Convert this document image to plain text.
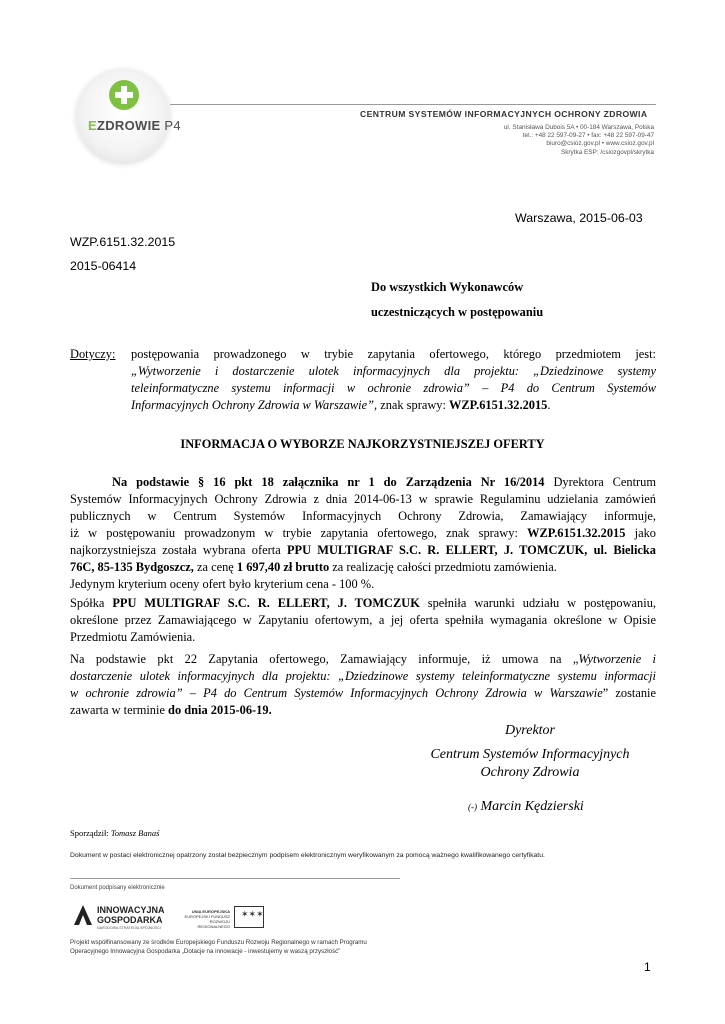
EZDROWIE P4
CENTRUM SYSTEMÓW INFORMACYJNYCH OCHRONY ZDROWIA
ul. Stanisława Dubois 5A • 00-184 Warszawa, Polska
tel.: +48 22 597-09-27 • fax: +48 22 597-09-47
biuro@csioz.gov.pl • www.csioz.gov.pl
Skrytka ESP: /csiozgovpl/skrytka
Warszawa, 2015-06-03
WZP.6151.32.2015
2015-06414
Do wszystkich Wykonawców
uczestniczących w postępowaniu
Dotyczy: postępowania prowadzonego w trybie zapytania ofertowego, którego przedmiotem jest:
„Wytworzenie i dostarczenie ulotek informacyjnych dla projektu: „Dziedzinowe systemy
teleinformatyczne systemu informacji w ochronie zdrowia” – P4 do Centrum Systemów
Informacyjnych Ochrony Zdrowia w Warszawie”, znak sprawy: WZP.6151.32.2015.
INFORMACJA O WYBORZE NAJKORZYSTNIEJSZEJ OFERTY
Na podstawie § 16 pkt 18 załącznika nr 1 do Zarządzenia Nr 16/2014 Dyrektora Centrum
Systemów Informacyjnych Ochrony Zdrowia z dnia 2014-06-13 w sprawie Regulaminu udzielania zamówień
publicznych w Centrum Systemów Informacyjnych Ochrony Zdrowia, Zamawiający informuje,
iż w postępowaniu prowadzonym w trybie zapytania ofertowego, znak sprawy: WZP.6151.32.2015 jako
najkorzystniejsza została wybrana oferta PPU MULTIGRAF S.C. R. ELLERT, J. TOMCZUK, ul. Bielicka
76C, 85-135 Bydgoszcz, za cenę 1 697,40 zł brutto za realizację całości przedmiotu zamówienia.
Jedynym kryterium oceny ofert było kryterium cena - 100 %.
Spółka PPU MULTIGRAF S.C. R. ELLERT, J. TOMCZUK spełniła warunki udziału w postępowaniu,
określone przez Zamawiającego w Zapytaniu ofertowym, a jej oferta spełniła wymagania określone w Opisie
Przedmiotu Zamówienia.
Na podstawie pkt 22 Zapytania ofertowego, Zamawiający informuje, iż umowa na „Wytworzenie i
dostarczenie ulotek informacyjnych dla projektu: „Dziedzinowe systemy teleinformatyczne systemu informacji
w ochronie zdrowia” – P4 do Centrum Systemów Informacyjnych Ochrony Zdrowia w Warszawie” zostanie
zawarta w terminie do dnia 2015-06-19.
Dyrektor
Centrum Systemów Informacyjnych
Ochrony Zdrowia
(-) Marcin Kędzierski
Sporządził: Tomasz Banaś
Dokument w postaci elektronicznej opatrzony został bezpiecznym podpisem elektronicznym weryfikowanym za pomocą ważnego kwalifikowanego certyfikatu.
Dokument podpisany elektronicznie
INNOWACYJNA
GOSPODARKA
NARODOWA STRATEGIA SPÓJNOŚCI
UNIA EUROPEJSKA
EUROPEJSKI FUNDUSZ
ROZWOJU REGIONALNEGO
✶✶✶
Projekt współfinansowany ze środków Europejskiego Funduszu Rozwoju Regionalnego w ramach Programu
Operacyjnego Innowacyjna Gospodarka „Dotacje na innowacje - inwestujemy w waszą przyszłość”
1
